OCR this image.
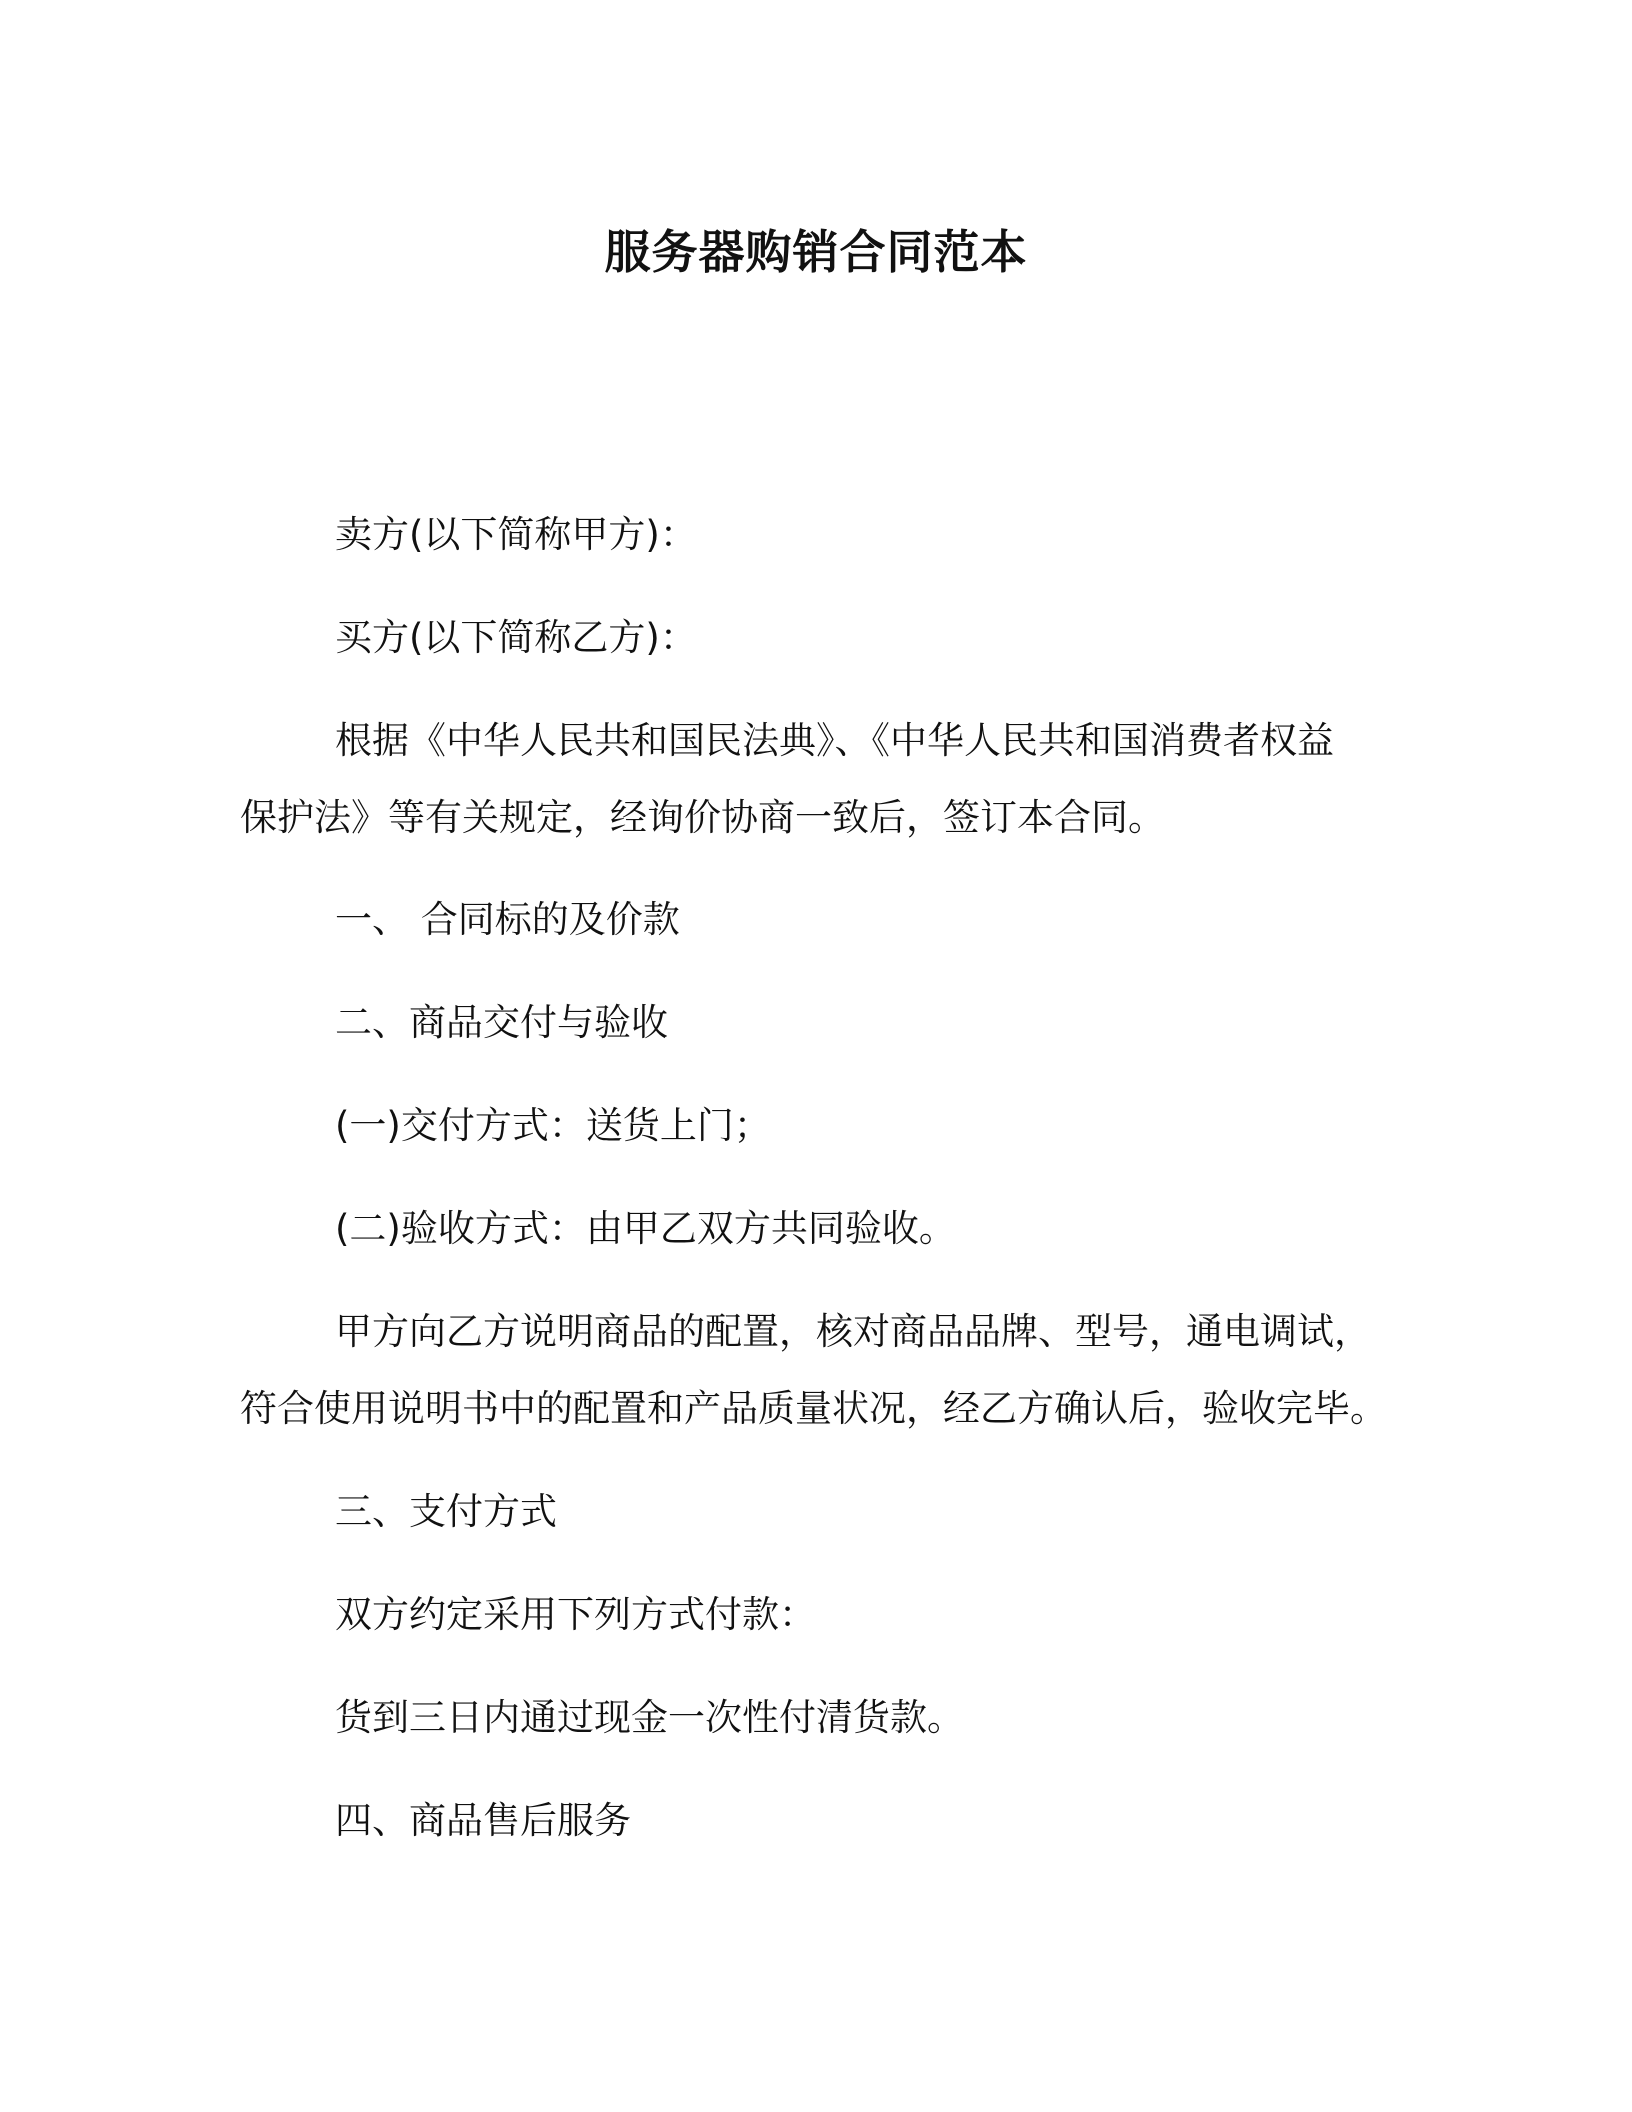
服务器购销合同范本

卖方(以下简称甲方)：

买方(以下简称乙方)：

根据《中华人民共和国民法典》、《中华人民共和国消费者权益
保护法》等有关规定，经询价协商一致后，签订本合同。

一、 合同标的及价款

二、商品交付与验收

(一)交付方式：送货上门；

(二)验收方式：由甲乙双方共同验收。

甲方向乙方说明商品的配置，核对商品品牌、型号，通电调试，
符合使用说明书中的配置和产品质量状况，经乙方确认后，验收完毕。

三、支付方式

双方约定采用下列方式付款：

货到三日内通过现金一次性付清货款。

四、商品售后服务
